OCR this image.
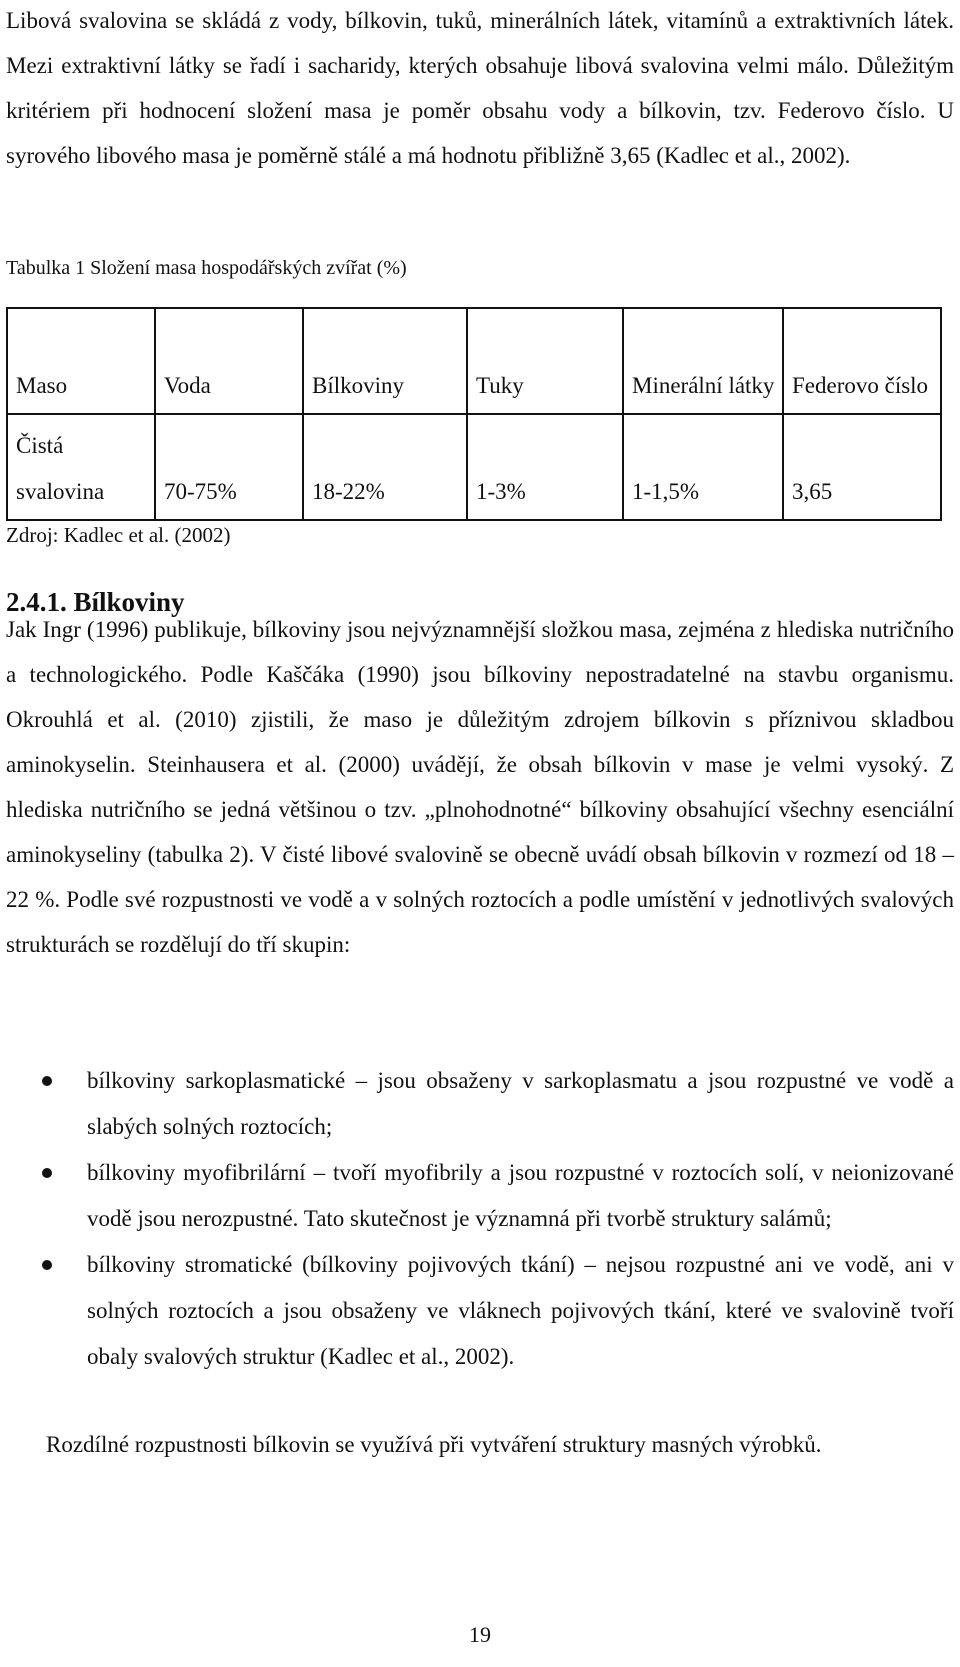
Libová svalovina se skládá z vody, bílkovin, tuků, minerálních látek, vitamínů a extraktivních látek. Mezi extraktivní látky se řadí i sacharidy, kterých obsahuje libová svalovina velmi málo. Důležitým kritériem při hodnocení složení masa je poměr obsahu vody a bílkovin, tzv. Federovo číslo. U syrového libového masa je poměrně stálé a má hodnotu přibližně 3,65 (Kadlec et al., 2002).

Tabulka 1 Složení masa hospodářských zvířat (%)

Maso	Voda	Bílkoviny	Tuky	Minerální látky	Federovo číslo
Čistá svalovina	70-75%	18-22%	1-3%	1-1,5%	3,65

Zdroj: Kadlec et al. (2002)

2.4.1. Bílkoviny

Jak Ingr (1996) publikuje, bílkoviny jsou nejvýznamnější složkou masa, zejména z hlediska nutričního a technologického. Podle Kaščáka (1990) jsou bílkoviny nepostradatelné na stavbu organismu. Okrouhlá et al. (2010) zjistili, že maso je důležitým zdrojem bílkovin s příznivou skladbou aminokyselin. Steinhausera et al. (2000) uvádějí, že obsah bílkovin v mase je velmi vysoký. Z hlediska nutričního se jedná většinou o tzv. „plnohodnotné“ bílkoviny obsahující všechny esenciální aminokyseliny (tabulka 2). V čisté libové svalovině se obecně uvádí obsah bílkovin v rozmezí od 18 – 22 %. Podle své rozpustnosti ve vodě a v solných roztocích a podle umístění v jednotlivých svalových strukturách se rozdělují do tří skupin:

bílkoviny sarkoplasmatické – jsou obsaženy v sarkoplasmatu a jsou rozpustné ve vodě a slabých solných roztocích;
bílkoviny myofibrilární – tvoří myofibrily a jsou rozpustné v roztocích solí, v neionizované vodě jsou nerozpustné. Tato skutečnost je významná při tvorbě struktury salámů;
bílkoviny stromatické (bílkoviny pojivových tkání) – nejsou rozpustné ani ve vodě, ani v solných roztocích a jsou obsaženy ve vláknech pojivových tkání, které ve svalovině tvoří obaly svalových struktur (Kadlec et al., 2002).

Rozdílné rozpustnosti bílkovin se využívá při vytváření struktury masných výrobků.

19
